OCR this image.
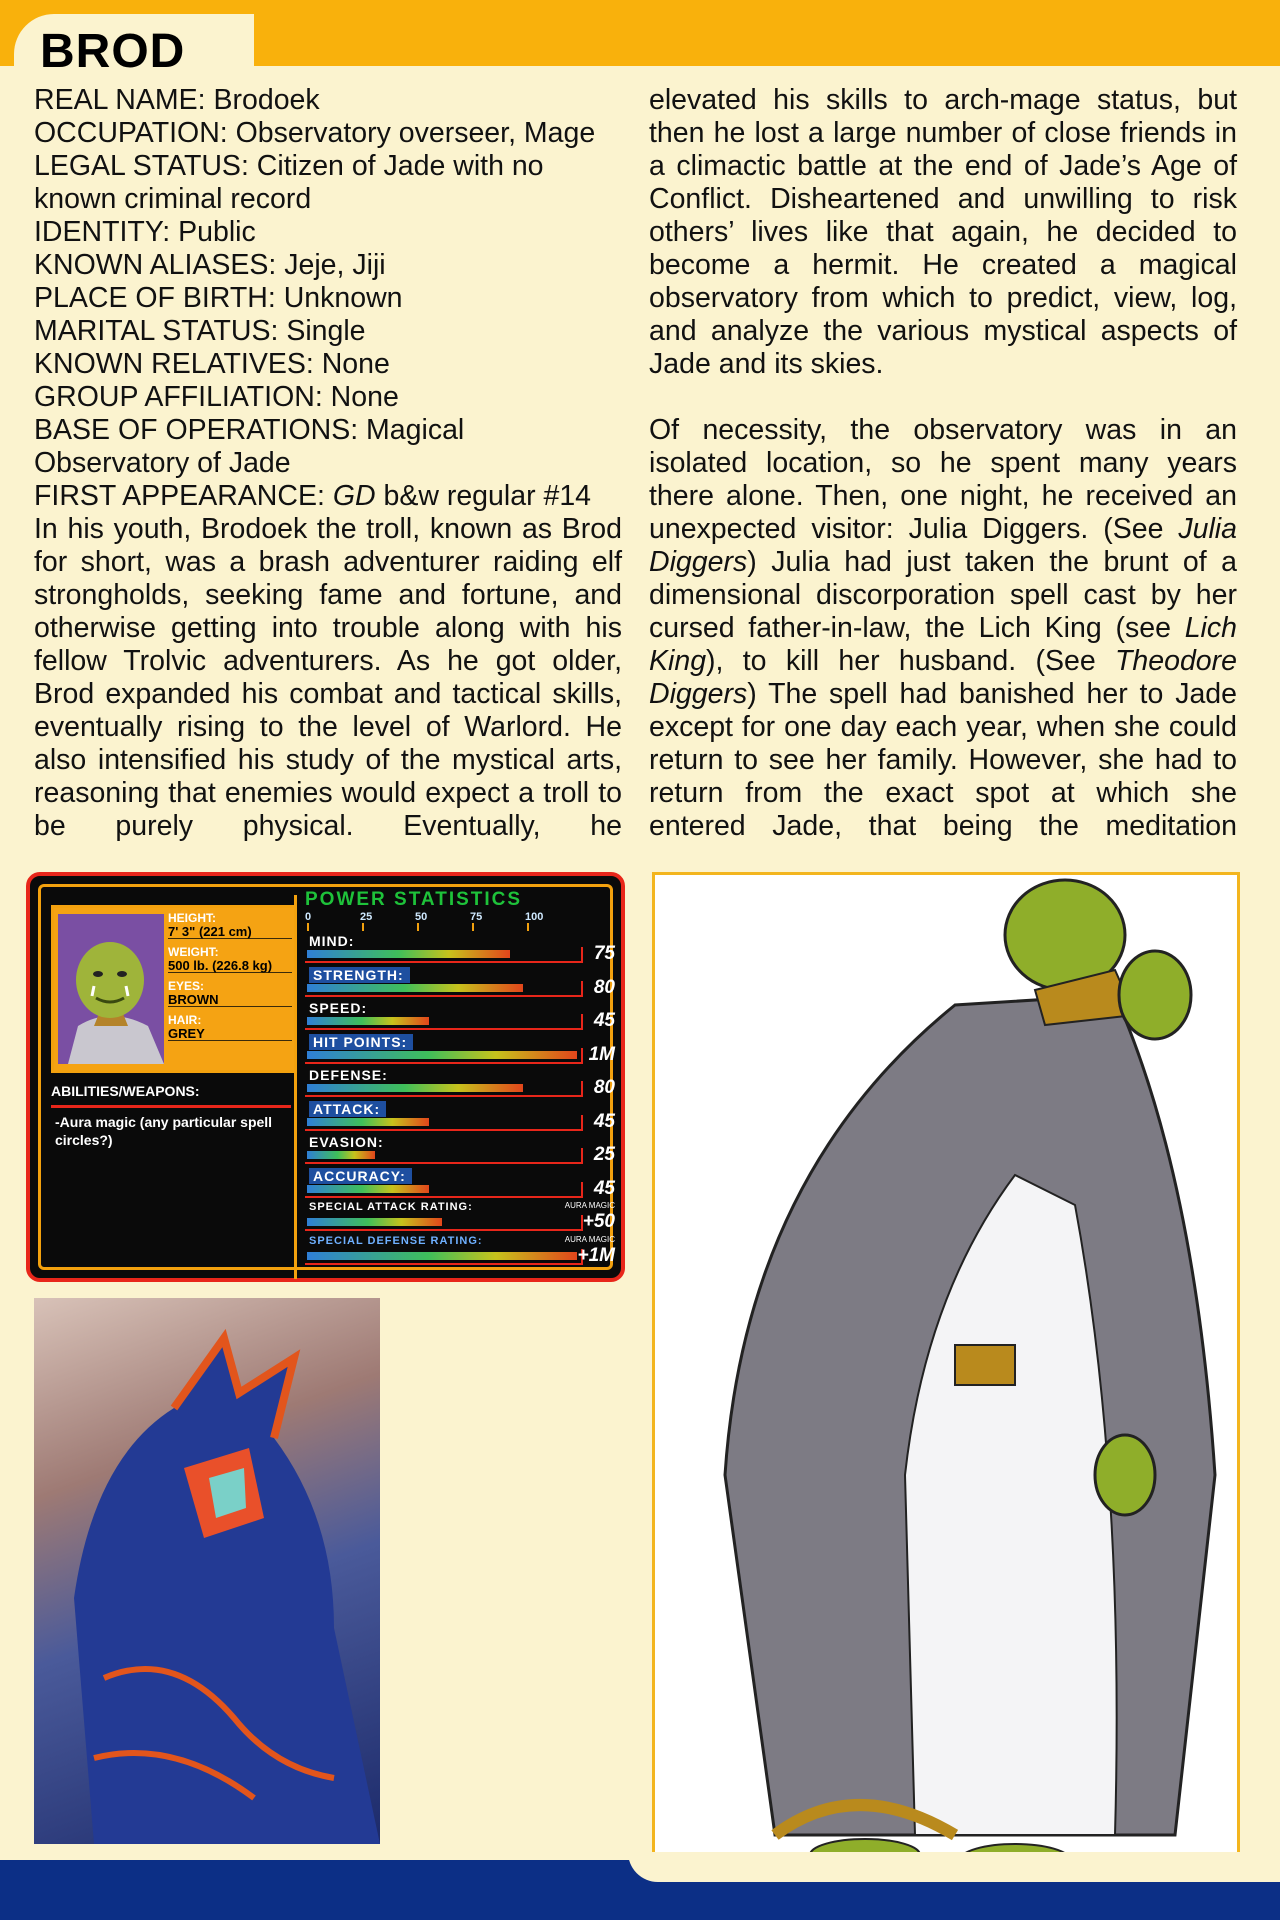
BROD

REAL NAME: Brodoek

OCCUPATION: Observatory overseer, Mage

LEGAL STATUS: Citizen of Jade with no known criminal record

IDENTITY: Public

KNOWN ALIASES: Jeje, Jiji

PLACE OF BIRTH: Unknown

MARITAL STATUS: Single

KNOWN RELATIVES: None

GROUP AFFILIATION: None

BASE OF OPERATIONS: Magical Observatory of Jade

FIRST APPEARANCE: GD b&w regular #14

In his youth, Brodoek the troll, known as Brod for short, was a brash adventurer raiding elf strongholds, seeking fame and fortune, and otherwise getting into trouble along with his fellow Trolvic adventurers. As he got older, Brod expanded his combat and tactical skills, eventually rising to the level of Warlord. He also intensified his study of the mystical arts, reasoning that enemies would expect a troll to be purely physical. Eventually, he

elevated his skills to arch-mage status, but then he lost a large number of close friends in a climactic battle at the end of Jade’s Age of Conflict. Disheartened and unwilling to risk others’ lives like that again, he decided to become a hermit. He created a magical observatory from which to predict, view, log, and analyze the various mystical aspects of Jade and its skies.

Of necessity, the observatory was in an isolated location, so he spent many years there alone. Then, one night, he received an unexpected visitor: Julia Diggers. (See Julia Diggers) Julia had just taken the brunt of a dimensional discorporation spell cast by her cursed father-in-law, the Lich King (see Lich King), to kill her husband. (See Theodore Diggers) The spell had banished her to Jade except for one day each year, when she could return to see her family. However, she had to return from the exact spot at which she entered Jade, that being the meditation

HEIGHT:
7' 3" (221 cm)
WEIGHT:
500 lb. (226.8 kg)
EYES:
BROWN
HAIR:
GREY
ABILITIES/WEAPONS:
-Aura magic (any particular spell circles?)
POWER STATISTICS
0	25	50	75	100
MIND:
75
STRENGTH:
80
SPEED:
45
HIT POINTS:
1M
DEFENSE:
80
ATTACK:
45
EVASION:
25
ACCURACY:
45
SPECIAL ATTACK RATING:
+50
AURA MAGIC
SPECIAL DEFENSE RATING:
+1M
AURA MAGIC
